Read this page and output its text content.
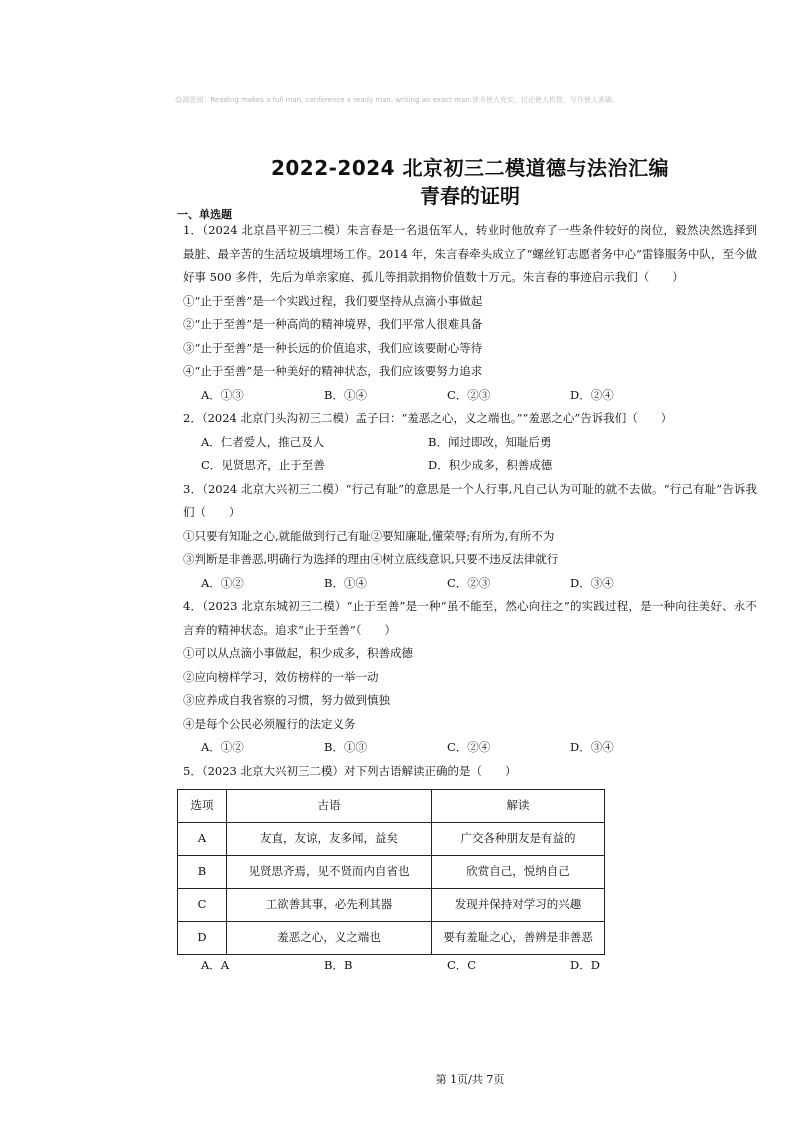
☺源思阅：Reading makes a full man, conference a ready man, writing an exact man.读书使人充实，讨论使人机智，写作使人准确。
2022-2024 北京初三二模道德与法治汇编
青春的证明
一、单选题

1．（2024 北京昌平初三二模）朱言春是一名退伍军人，转业时他放弃了一些条件较好的岗位，毅然决然选择到最脏、最辛苦的生活垃圾填埋场工作。2014 年，朱言春牵头成立了“螺丝钉志愿者务中心”雷锋服务中队，至今做好事 500 多件，先后为单亲家庭、孤儿等捐款捐物价值数十万元。朱言春的事迹启示我们（　　）

①“止于至善”是一个实践过程，我们要坚持从点滴小事做起

②“止于至善”是一种高尚的精神境界，我们平常人很难具备

③“止于至善”是一种长远的价值追求，我们应该要耐心等待

④“止于至善”是一种美好的精神状态，我们应该要努力追求

A．①③	B．①④	C．②③	D．②④

2．（2024 北京门头沟初三二模）孟子曰：“羞恶之心，义之端也。”“羞恶之心”告诉我们（　　）

A．仁者爱人，推己及人	B．闻过即改，知耻后勇
C．见贤思齐，止于至善	D．积少成多，积善成德

3．（2024 北京大兴初三二模）“行己有耻”的意思是一个人行事,凡自己认为可耻的就不去做。“行己有耻”告诉我们（　　）

①只要有知耻之心,就能做到行己有耻②要知廉耻,懂荣辱;有所为,有所不为

③判断是非善恶,明确行为选择的理由④树立底线意识,只要不违反法律就行

A．①②	B．①④	C．②③	D．③④

4．（2023 北京东城初三二模）“止于至善”是一种“虽不能至，然心向往之”的实践过程，是一种向往美好、永不言弃的精神状态。追求“止于至善”（　　）

①可以从点滴小事做起，积少成多，积善成德

②应向榜样学习，效仿榜样的一举一动

③应养成自我省察的习惯，努力做到慎独

④是每个公民必须履行的法定义务

A．①②	B．①③	C．②④	D．③④

5．（2023 北京大兴初三二模）对下列古语解读正确的是（　　）

选项	古语	解读
A	友直，友谅，友多闻，益矣	广交各种朋友是有益的
B	见贤思齐焉，见不贤而内自省也	欣赏自己，悦纳自己
C	工欲善其事，必先利其器	发现并保持对学习的兴趣
D	羞恶之心，义之端也	要有羞耻之心，善辨是非善恶
A．A	B．B	C．C	D．D
第 1页/共 7页
